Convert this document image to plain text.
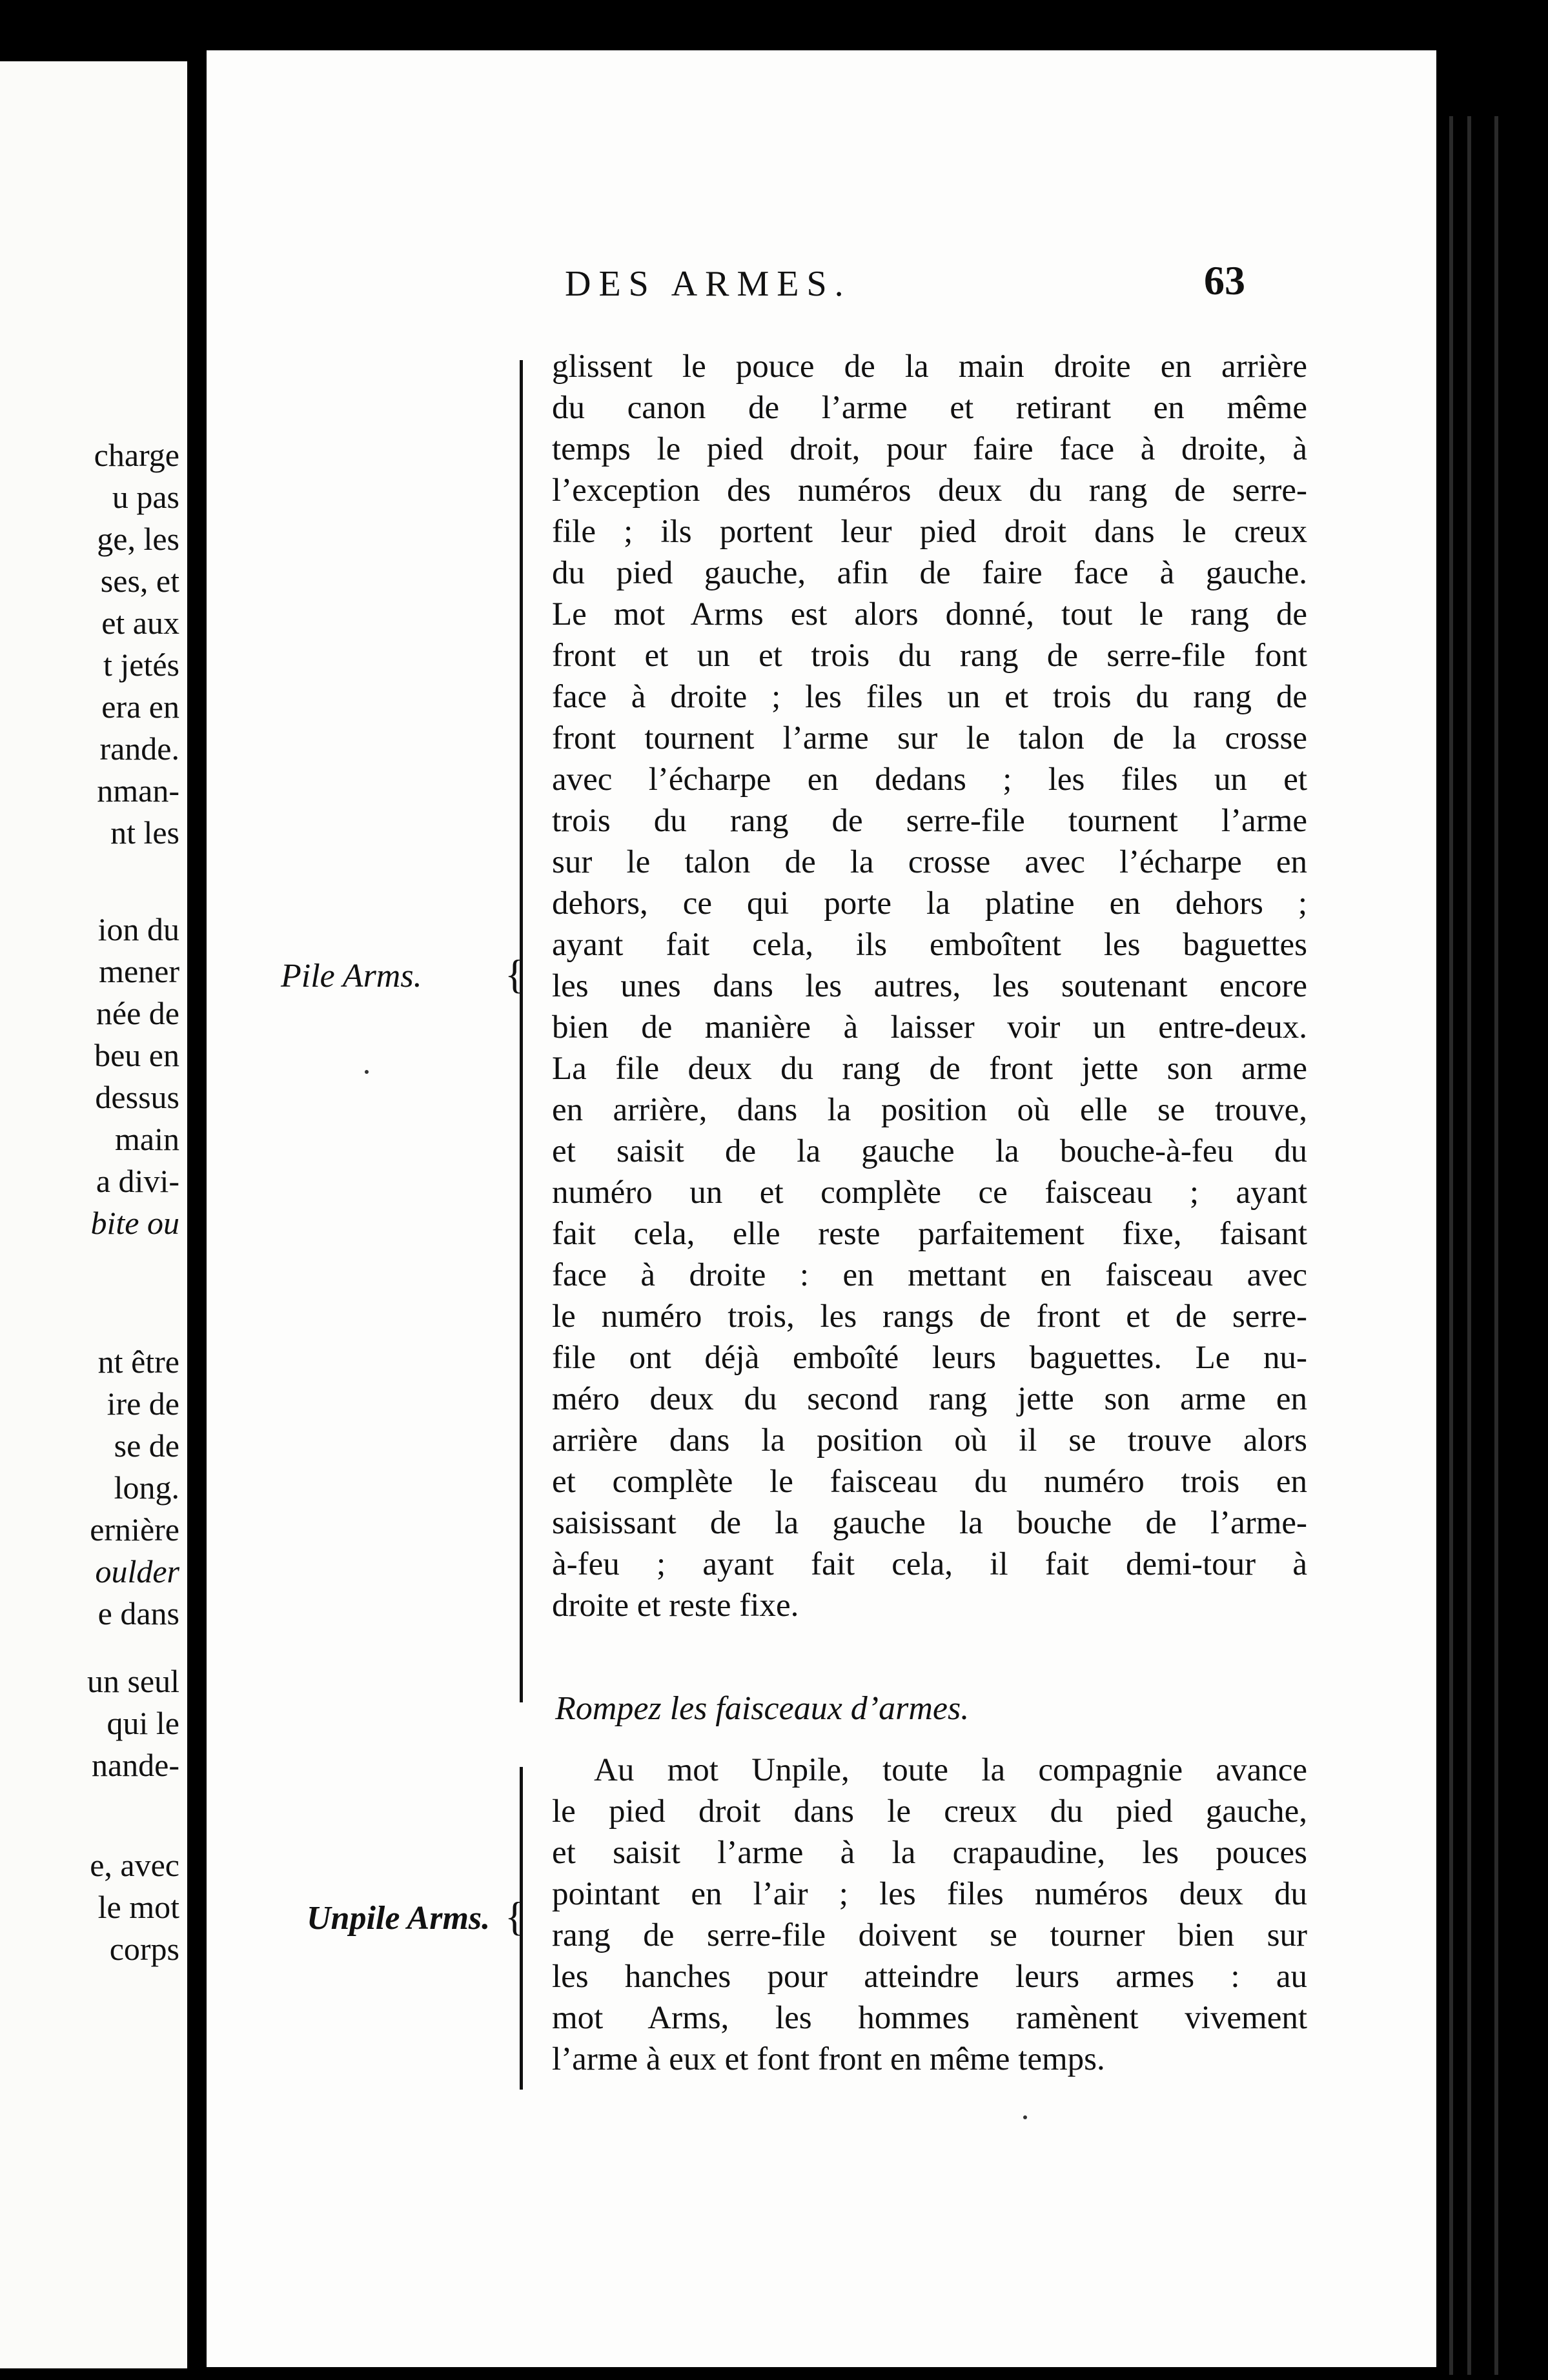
charge
u pas
ge, les
ses, et
et aux
t jetés
era en
rande.
nman-
nt les
ion du
mener
née de
beu en
dessus
main
a divi-
bite ou
nt être
ire de
se de
long.
ernière
oulder
e dans
un seul
qui le
nande-
e, avec
le mot
corps
DES ARMES.	63
{
Pile Arms.
glissent le pouce de la main droite en arrière
du canon de l’arme et retirant en même
temps le pied droit, pour faire face à droite, à
l’exception des numéros deux du rang de serre-
file ; ils portent leur pied droit dans le creux
du pied gauche, afin de faire face à gauche.
Le mot Arms est alors donné, tout le rang de
front et un et trois du rang de serre-file font
face à droite ; les files un et trois du rang de
front tournent l’arme sur le talon de la crosse
avec l’écharpe en dedans ; les files un et
trois du rang de serre-file tournent l’arme
sur le talon de la crosse avec l’écharpe en
dehors, ce qui porte la platine en dehors ;
ayant fait cela, ils emboîtent les baguettes
les unes dans les autres, les soutenant encore
bien de manière à laisser voir un entre-deux.
La file deux du rang de front jette son arme
en arrière, dans la position où elle se trouve,
et saisit de la gauche la bouche-à-feu du
numéro un et complète ce faisceau ; ayant
fait cela, elle reste parfaitement fixe, faisant
face à droite : en mettant en faisceau avec
le numéro trois, les rangs de front et de serre-
file ont déjà emboîté leurs baguettes. Le nu-
méro deux du second rang jette son arme en
arrière dans la position où il se trouve alors
et complète le faisceau du numéro trois en
saisissant de la gauche la bouche de l’arme-
à-feu ; ayant fait cela, il fait demi-tour à
droite et reste fixe.
Rompez les faisceaux d’armes.
{
Unpile Arms.
Au mot Unpile, toute la compagnie avance
le pied droit dans le creux du pied gauche,
et saisit l’arme à la crapaudine, les pouces
pointant en l’air ; les files numéros deux du
rang de serre-file doivent se tourner bien sur
les hanches pour atteindre leurs armes : au
mot Arms, les hommes ramènent vivement
l’arme à eux et font front en même temps.
